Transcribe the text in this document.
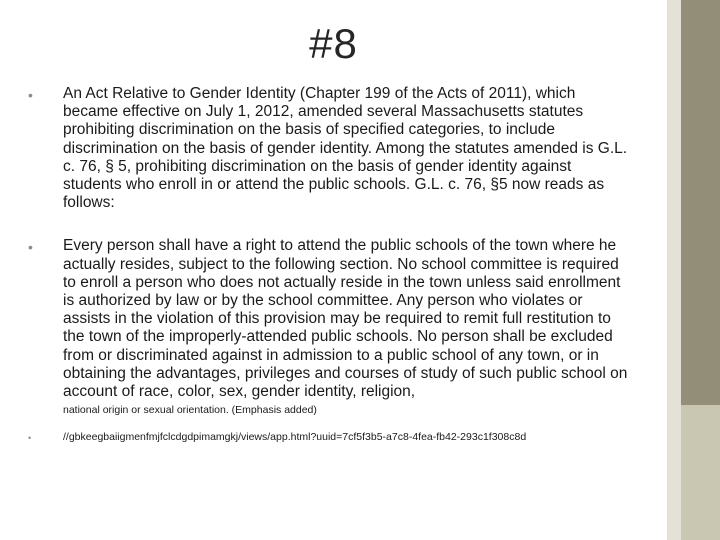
#8
• An Act Relative to Gender Identity (Chapter 199 of the Acts of 2011), which became effective on July 1, 2012, amended several Massachusetts statutes prohibiting discrimination on the basis of specified categories, to include discrimination on the basis of gender identity. Among the statutes amended is G.L. c. 76, § 5, prohibiting discrimination on the basis of gender identity against students who enroll in or attend the public schools. G.L. c. 76, §5 now reads as follows:
• Every person shall have a right to attend the public schools of the town where he actually resides, subject to the following section. No school committee is required to enroll a person who does not actually reside in the town unless said enrollment is authorized by law or by the school committee. Any person who violates or assists in the violation of this provision may be required to remit full restitution to the town of the improperly-attended public schools. No person shall be excluded from or discriminated against in admission to a public school of any town, or in obtaining the advantages, privileges and courses of study of such public school on account of race, color, sex, gender identity, religion,
national origin or sexual orientation. (Emphasis added)
•	//gbkeegbaiigmenfmjfclcdgdpimamgkj/views/app.html?uuid=7cf5f3b5-a7c8-4fea-fb42-293c1f308c8d
